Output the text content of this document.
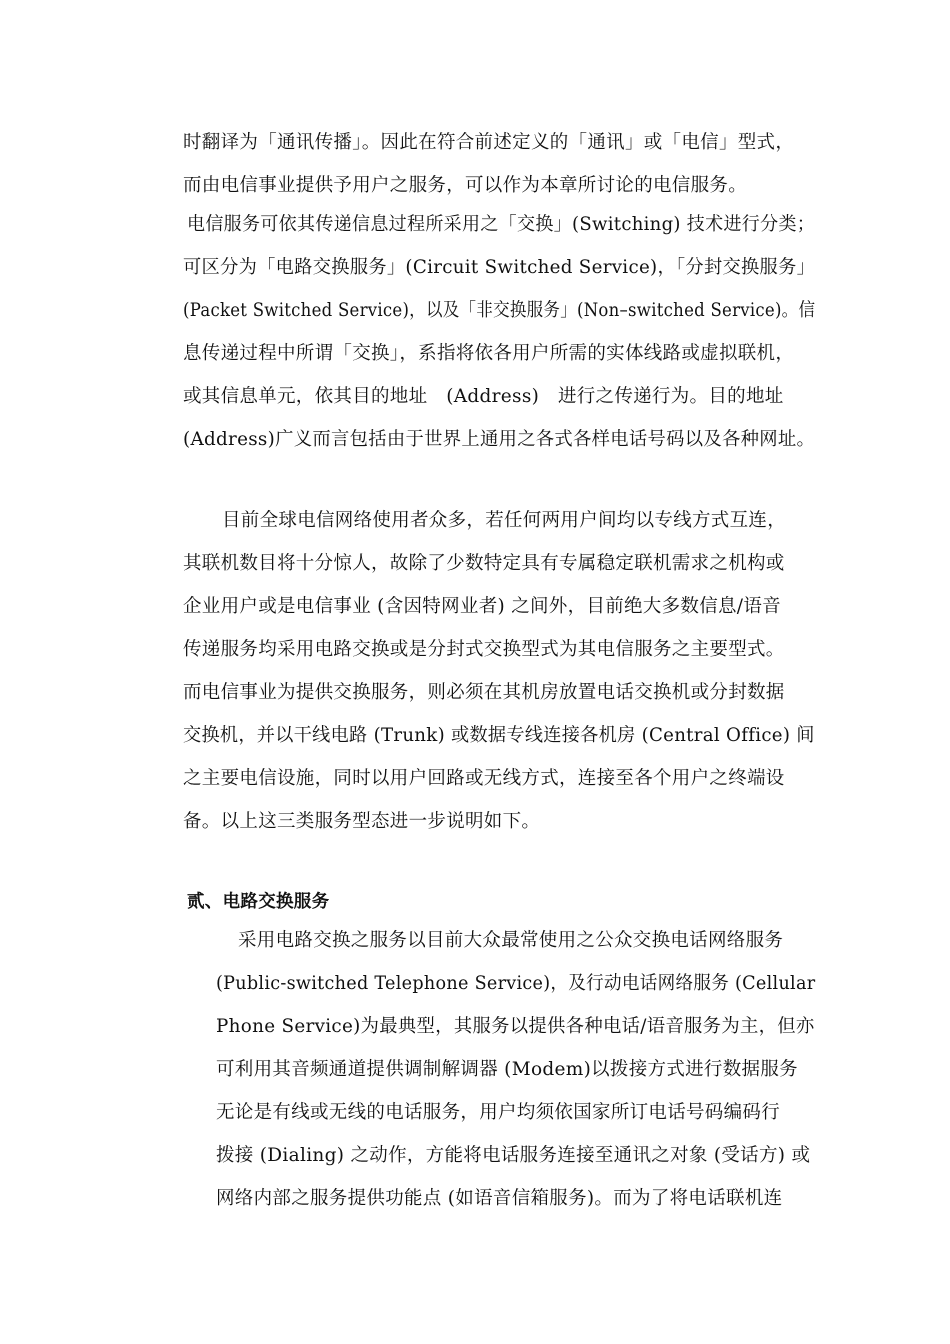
时翻译为「通讯传播」。因此在符合前述定义的「通讯」或「电信」型式，
而由电信事业提供予用户之服务，可以作为本章所讨论的电信服务。
电信服务可依其传递信息过程所采用之「交换」(Switching) 技术进行分类；
可区分为「电路交换服务」(Circuit Switched Service)，「分封交换服务」
(Packet Switched Service)，以及「非交换服务」(Non–switched Service)。信
息传递过程中所谓「交换」，系指将依各用户所需的实体线路或虚拟联机，
或其信息单元，依其目的地址　(Address)　进行之传递行为。目的地址
(Address)广义而言包括由于世界上通用之各式各样电话号码以及各种网址。
目前全球电信网络使用者众多，若任何两用户间均以专线方式互连，
其联机数目将十分惊人，故除了少数特定具有专属稳定联机需求之机构或
企业用户或是电信事业 (含因特网业者) 之间外，目前绝大多数信息/语音
传递服务均采用电路交换或是分封式交换型式为其电信服务之主要型式。
而电信事业为提供交换服务，则必须在其机房放置电话交换机或分封数据
交换机，并以干线电路 (Trunk) 或数据专线连接各机房 (Central Office) 间
之主要电信设施，同时以用户回路或无线方式，连接至各个用户之终端设
备。以上这三类服务型态进一步说明如下。
贰、电路交换服务
采用电路交换之服务以目前大众最常使用之公众交换电话网络服务
(Public-switched Telephone Service)，及行动电话网络服务 (Cellular
Phone Service)为最典型，其服务以提供各种电话/语音服务为主，但亦
可利用其音频通道提供调制解调器 (Modem)以拨接方式进行数据服务
无论是有线或无线的电话服务，用户均须依国家所订电话号码编码行
拨接 (Dialing) 之动作，方能将电话服务连接至通讯之对象 (受话方) 或
网络内部之服务提供功能点 (如语音信箱服务)。而为了将电话联机连
